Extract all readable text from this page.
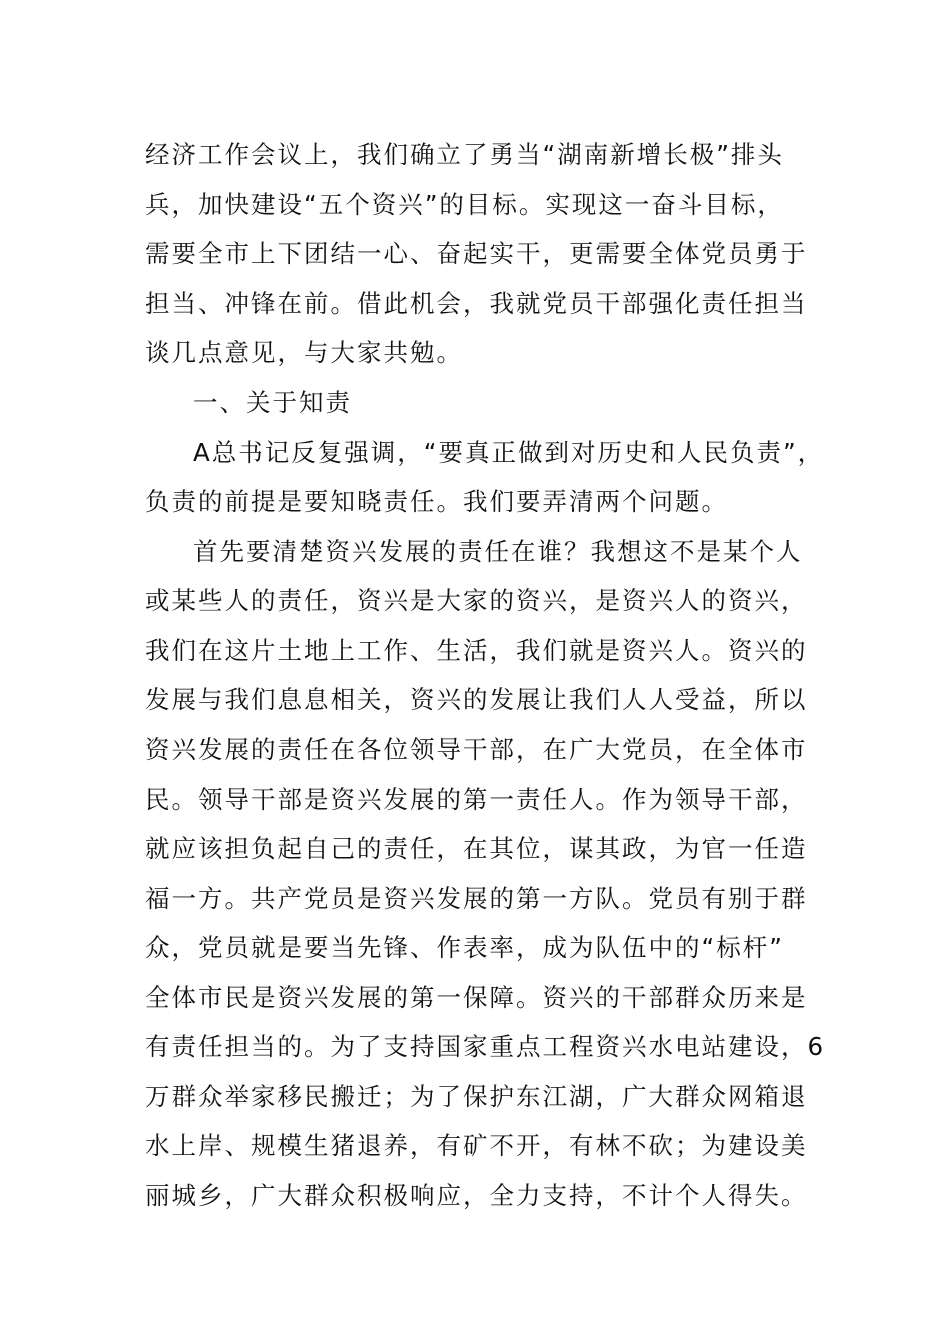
经济工作会议上，我们确立了勇当“湖南新增长极”排头
兵，加快建设“五个资兴”的目标。实现这一奋斗目标，
需要全市上下团结一心、奋起实干，更需要全体党员勇于
担当、冲锋在前。借此机会，我就党员干部强化责任担当
谈几点意见，与大家共勉。
一、关于知责
A总书记反复强调，“要真正做到对历史和人民负责”，
负责的前提是要知晓责任。我们要弄清两个问题。
首先要清楚资兴发展的责任在谁？我想这不是某个人
或某些人的责任，资兴是大家的资兴，是资兴人的资兴，
我们在这片土地上工作、生活，我们就是资兴人。资兴的
发展与我们息息相关，资兴的发展让我们人人受益，所以
资兴发展的责任在各位领导干部，在广大党员，在全体市
民。领导干部是资兴发展的第一责任人。作为领导干部，
就应该担负起自己的责任，在其位，谋其政，为官一任造
福一方。共产党员是资兴发展的第一方队。党员有别于群
众，党员就是要当先锋、作表率，成为队伍中的“标杆”
全体市民是资兴发展的第一保障。资兴的干部群众历来是
有责任担当的。为了支持国家重点工程资兴水电站建设，6
万群众举家移民搬迁；为了保护东江湖，广大群众网箱退
水上岸、规模生猪退养，有矿不开，有林不砍；为建设美
丽城乡，广大群众积极响应，全力支持，不计个人得失。
